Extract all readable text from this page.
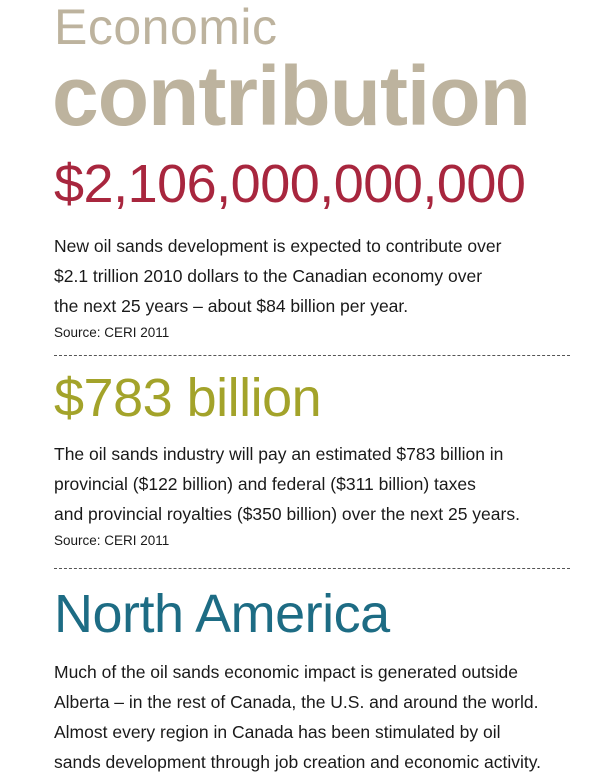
Economic
contribution
$2,106,000,000,000

New oil sands development is expected to contribute over
$2.1 trillion 2010 dollars to the Canadian economy over
the next 25 years – about $84 billion per year.

Source: CERI 2011
$783 billion

The oil sands industry will pay an estimated $783 billion in
provincial ($122 billion) and federal ($311 billion) taxes
and provincial royalties ($350 billion) over the next 25 years.

Source: CERI 2011
North America

Much of the oil sands economic impact is generated outside
Alberta – in the rest of Canada, the U.S. and around the world.
Almost every region in Canada has been stimulated by oil
sands development through job creation and economic activity.
